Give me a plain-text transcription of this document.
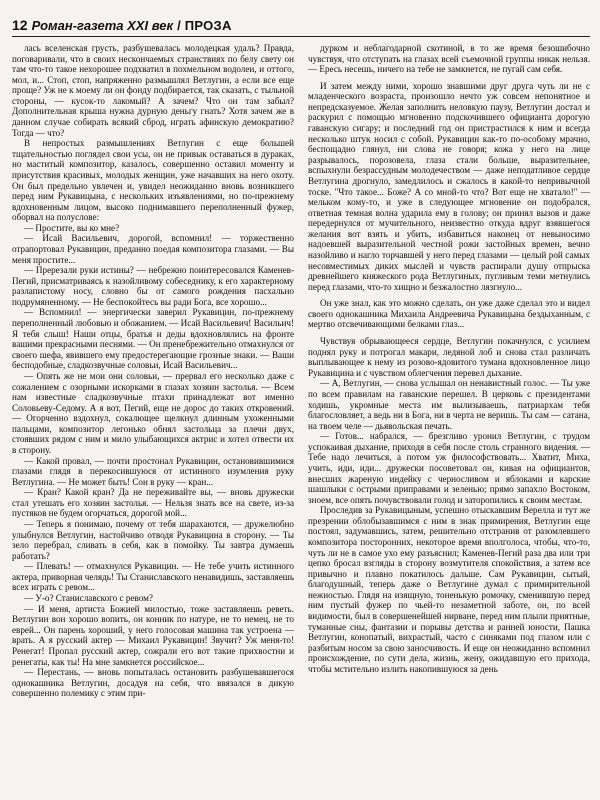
12 Роман-газета XXI век / ПРОЗА

лась вселенская грусть, разбушевалась молодецкая удаль? Правда, поговаривали, что в своих нескончаемых странствиях по белу свету он там что-то такое нехорошее подхватил в похмельном водолеи, и оттого, мол, и... Стоп, стоп, напряженно размышлял Ветлугин, а если все еще проще? Уж не к моему ли он фонду подбирается, так сказать, с тыльной стороны, — кусок-то лакомый? А зачем? Что он там забыл? Дополнительная крыша нужна дурную деньгу гнать? Хотя зачем же в данном случае собирать всякий сброд, играть афинскую демократию? Тогда — что?

В непростых размышлениях Ветлугин с еще большей тщательностью поглядел свои усы, он не привык оставаться в дураках, но маститый композитор, казалось, совершенно оставил моменту и присутствия красивых, молодых женщин, уже начавших на него охоту. Он был предельно увлечен и, увидел неожиданно вновь возникшего перед ним Рукавицына, с нескольких изъявлениями, но по-прежнему вдохновенным лицом, высоко поднимавшего переполненный фужер, оборвал на полуслове:

— Простите, вы ко мне?

— Исай Васильевич, дорогой, вспомнил! — торжественно отрапортовал Рукавицин, преданно поедая композитора глазами. — Вы меня простите...

— Пререзали руки истины? — небрежно поинтересовался Каменев-Пегий, присматриваясь к назойливому собеседнику, к его характерному разлапистому носу, словно бы от самого рождения пасхально подрумяненному. — Не беспокойтесь вы ради Бога, все хорошо...

— Вспомнил! — энергически заверил Рукавицин, по-прежнему переполненный любовью и обожанием. — Исай Васильевич! Васильич! Я тебя слыш! Наши отцы, братья и деды вдохновлялись на фронте вашими прекрасными песнями. — Он пренебрежительно отмахнулся от своего шефа, явившего ему предостерегающие грозные знаки. — Ваши бесподобные, сладкозвучные соловьи, Исай Васильевич...

— Опять же не мои они соловьи, — прервал его несколько даже с сожалением с озорными искорками в глазах хозяин застолья. — Всем нам известные сладкозвучные птахи принадлежат вот именно Соловьеву-Седому. А я вот, Пегий, еще не дорос до таких откровений. — Огорченно вздохнул, сокалющее щелкнул длинным ухоженными пальцами, композитор легонько обнял застольца за плечи двух, стоявших рядом с ним и мило улыбающихся актрис и хотел отвести их в сторону.

— Какой провал, — почти простонал Рукавицин, остановившимися глазами глядя в перекосившуюся от истинного изумления руку Ветлугина. — Не может быть! Сон в руку — кран...

— Кран? Какой кран? Да не переживайте вы, — вновь дружески стал утешать его хозяин застолья. — Нельзя знать все на свете, из-за пустяков не будем огорчаться, дорогой мой...

— Теперь я понимаю, почему от тебя шарахаются, — дружелюбно улыбнулся Ветлугин, настойчиво отводя Рукавицина в сторону. — Ты зело перебрал, сливать в себя, как в помойку. Ты завтра думаешь работать?

— Плевать! — отмахнулся Рукавицин. — Не тебе учить истинного актера, приворная челядь! Ты Станиславского ненавидишь, заставляешь всех играть с ревом...

— У-о? Станиславского с ревом?

— И меня, артиста Божией милостью, тоже заставляешь реветь. Ветлугин вон хорошо вопить, он конник по натуре, не то немец, не то еврей... Он парень хороший, у него голосовая машина так устроена — врать. А я русский актер — Михаил Рукавицин! Звучит? Уж меня-то! Ренегат! Пропал русский актер, сожрали его вот такие прихвостни и ренегаты, как ты! На мне замкнется российское...

— Перестань, — вновь попыталась остановить разбушевавшегося однокашника Ветлугин, досадуя на себя, что ввязался в дикую совершенно полемику с этим при-

дурком и неблагодарной скотиной, в то же время безошибочно чувствуя, что отступать на глазах всей съемочной группы никак нельзя. — Ересь несешь, ничего на тебе не замкнется, не пугай сам себя.

И затем между ними, хорошо знавшими друг друга чуть ли не с младенческого возраста, произошло нечто уж совсем непонятное и непредсказуемое. Желая заполнить неловкую паузу, Ветлугин достал и раскурил с помощью мгновенно подскочившего официанта дорогую гаванскую сигару; и последний год он пристрастился к ним и всегда несколько штук носил с собой. Рукавицин как-то по-особому мрачно, беспощадно глянул, ни слова не говоря; кожа у него на лице разрывалось, порозовела, глаза стали больше, выразительнее, вспыхнули безрассудным молодечеством — даже неподатливое сердце Ветлугина дрогнуло, замедлилось и сжалось в какой-то непривычной тоске. "Что такое... Боже? А со мной-то что? Вот еще не хватало!" — мельком кому-то, и уже в следующее мгновение он подобрался, ответная темная волна ударила ему в голову; он принял вызов и даже передернулся от мучительного, неизвестно откуда вдруг взявшегося желания вот взять и убить, избавиться наконец от невыносимо надоевшей выразительной честной рожи застойных времен, вечно назойливо и нагло торчавшей у него перед глазами — целый рой самых несовместимых диких мыслей и чувств распирали душу отпрыска древнейшего княжеского рода Ветлугиных, пугливым теми метнулись перед глазами, что-то хищно и безжалостно лязгнуло...

Он уже знал, как это можно сделать, он уже даже сделал это и видел своего однокашника Михаила Андреевича Рукавицына бездыханным, с мертво отсвечивающими белками глаз...

Чувствуя обрывающееся сердце, Ветлугин покачнулся, с усилием поднял руку и потрогал макари, ледяной лоб и снова стал различать выплывающее к нему из розово-ядовитого тумана вдохновленное лицо Рукавицина и с чувством облегчения перевел дыхание.

— А, Ветлугин, — снова услышал он ненавистный голос. — Ты уже по всем правилам на гаванские перешел. В церковь с президентами ходишь, укромные места им вылизываешь, патриархам тебя благословляет, а ведь ни в Бога, ни в черта не веришь. Ты сам — сатана, на твоем челе — дьявольская печать.

— Готов... набрался, — брезгливо уронил Ветлугин, с трудом успокаивая дыхание, приходя в себя после столь странного видения. — Тебе надо лечиться, а потом уж философствовать... Хватит, Миха, учить, иди, иди... дружески посоветовал он, кивая на официантов, внесших жареную индейку с черносливом и яблоками и карские шашлыки с острыми приправами и зеленью; прямо запахло Востоком, зноем, все опять почувствовали голод и заторопились к своим местам.

Проследив за Рукавицыным, успешно отыскавшим Верелла и тут же презрении облобызавшимся с ним в знак примирения, Ветлугин еще постоял, задумавшись, затем, решительно отстранив от разомлевшего композитора посторонних, некоторое время вполголоса, чтобы, что-то, чуть ли не в самое ухо ему разъяснил; Каменев-Пегий раза два или три цепко бросал взгляды в сторону возмутителя спокойствия, а затем все привычно и плавно покатилось дальше. Сам Рукавицин, сытый, благодушный, теперь даже о Ветлугине думал с примирительной нежностью. Глядя на изящную, тоненькую ромочку, сменившую перед ним пустый фужер по чьей-то незаметной заботе, он, по всей видимости, был в совершенейшей нирване, перед ним плыли приятные, туманные сны, фантазии и порывы детства и ранней юности, Пашка Ветлугин, конопатый, вихрастый, часто с синяками под глазом или с разбитым носом за свою заносчивость. И еще он неожиданно вспомнил происхождение, по сути дела, жизнь, жену, ожидавшую его прихода, чтобы мстительно излить накопившуюся за день
